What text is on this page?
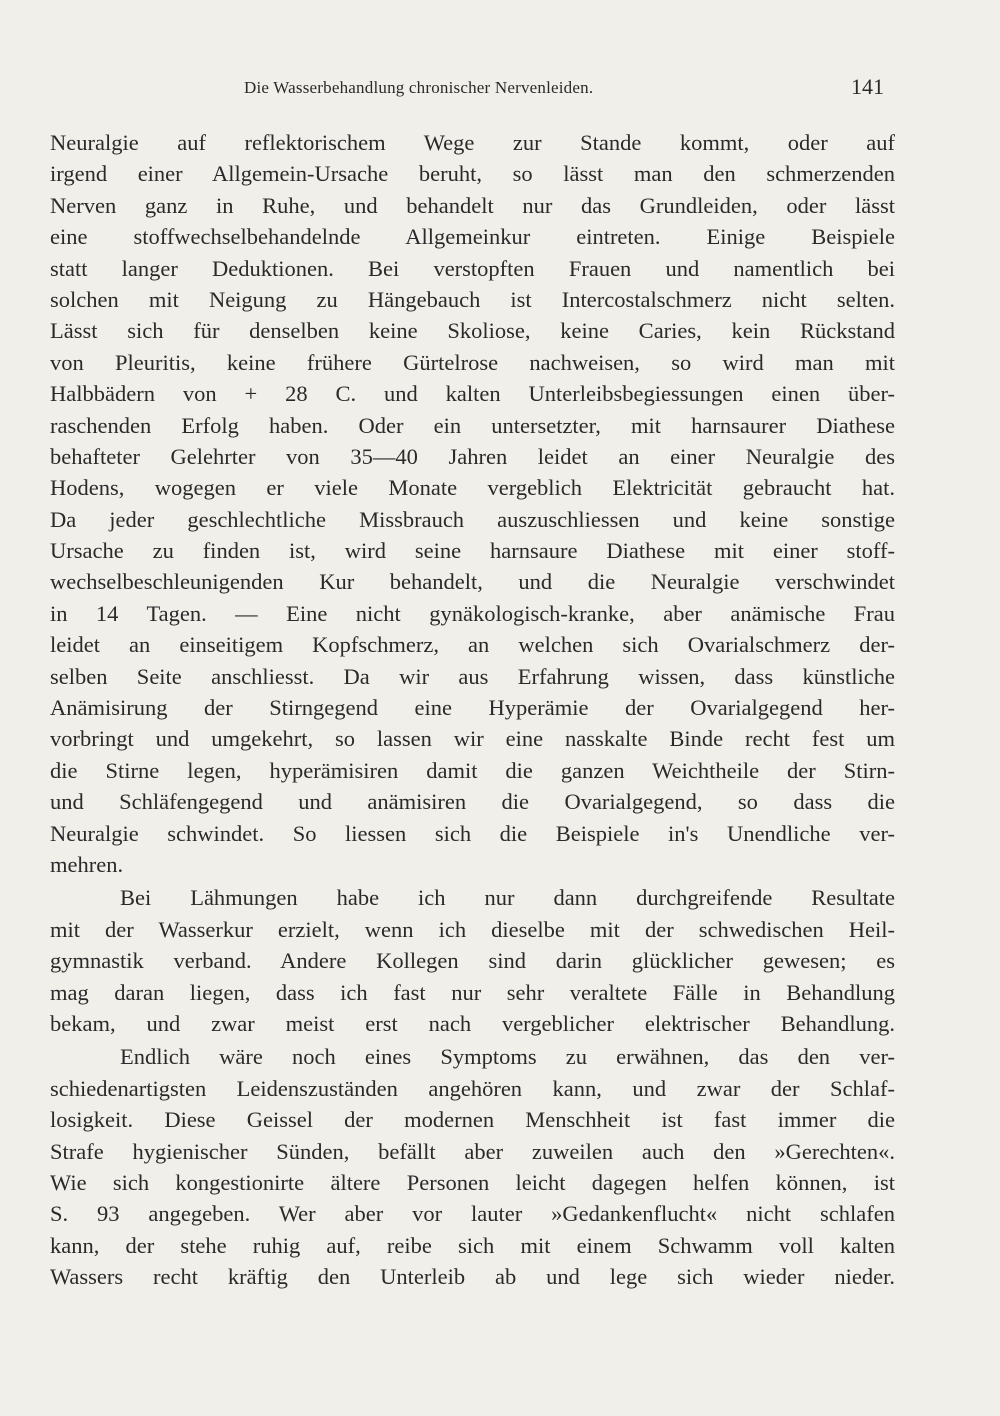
Die Wasserbehandlung chronischer Nervenleiden.	141
Neuralgie auf reflektorischem Wege zur Stande kommt, oder auf
irgend einer Allgemein-Ursache beruht, so lässt man den schmerzenden
Nerven ganz in Ruhe, und behandelt nur das Grundleiden, oder lässt
eine stoffwechselbehandelnde Allgemeinkur eintreten. Einige Beispiele
statt langer Deduktionen. Bei verstopften Frauen und namentlich bei
solchen mit Neigung zu Hängebauch ist Intercostalschmerz nicht selten.
Lässt sich für denselben keine Skoliose, keine Caries, kein Rückstand
von Pleuritis, keine frühere Gürtelrose nachweisen, so wird man mit
Halbbädern von + 28 C. und kalten Unterleibsbegiessungen einen über-
raschenden Erfolg haben. Oder ein untersetzter, mit harnsaurer Diathese
behafteter Gelehrter von 35—40 Jahren leidet an einer Neuralgie des
Hodens, wogegen er viele Monate vergeblich Elektricität gebraucht hat.
Da jeder geschlechtliche Missbrauch auszuschliessen und keine sonstige
Ursache zu finden ist, wird seine harnsaure Diathese mit einer stoff-
wechselbeschleunigenden Kur behandelt, und die Neuralgie verschwindet
in 14 Tagen. — Eine nicht gynäkologisch-kranke, aber anämische Frau
leidet an einseitigem Kopfschmerz, an welchen sich Ovarialschmerz der-
selben Seite anschliesst. Da wir aus Erfahrung wissen, dass künstliche
Anämisirung der Stirngegend eine Hyperämie der Ovarialgegend her-
vorbringt und umgekehrt, so lassen wir eine nasskalte Binde recht fest um
die Stirne legen, hyperämisiren damit die ganzen Weichtheile der Stirn-
und Schläfengegend und anämisiren die Ovarialgegend, so dass die
Neuralgie schwindet. So liessen sich die Beispiele in's Unendliche ver-
mehren.
Bei Lähmungen habe ich nur dann durchgreifende Resultate
mit der Wasserkur erzielt, wenn ich dieselbe mit der schwedischen Heil-
gymnastik verband. Andere Kollegen sind darin glücklicher gewesen; es
mag daran liegen, dass ich fast nur sehr veraltete Fälle in Behandlung
bekam, und zwar meist erst nach vergeblicher elektrischer Behandlung.
Endlich wäre noch eines Symptoms zu erwähnen, das den ver-
schiedenartigsten Leidenszuständen angehören kann, und zwar der Schlaf-
losigkeit. Diese Geissel der modernen Menschheit ist fast immer die
Strafe hygienischer Sünden, befällt aber zuweilen auch den »Gerechten«.
Wie sich kongestionirte ältere Personen leicht dagegen helfen können, ist
S. 93 angegeben. Wer aber vor lauter »Gedankenflucht« nicht schlafen
kann, der stehe ruhig auf, reibe sich mit einem Schwamm voll kalten
Wassers recht kräftig den Unterleib ab und lege sich wieder nieder.
